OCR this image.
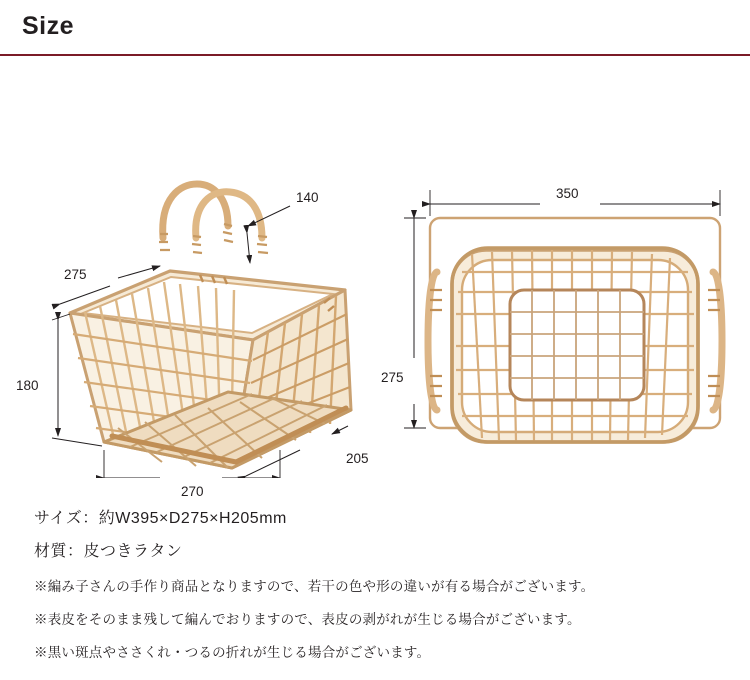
Size
140
275
180
205
270
350
275
サイズ：約W395×D275×H205mm
材質：皮つきラタン
※編み子さんの手作り商品となりますので、若干の色や形の違いが有る場合がございます。
※表皮をそのまま残して編んでおりますので、表皮の剥がれが生じる場合がございます。
※黒い斑点やささくれ・つるの折れが生じる場合がございます。
